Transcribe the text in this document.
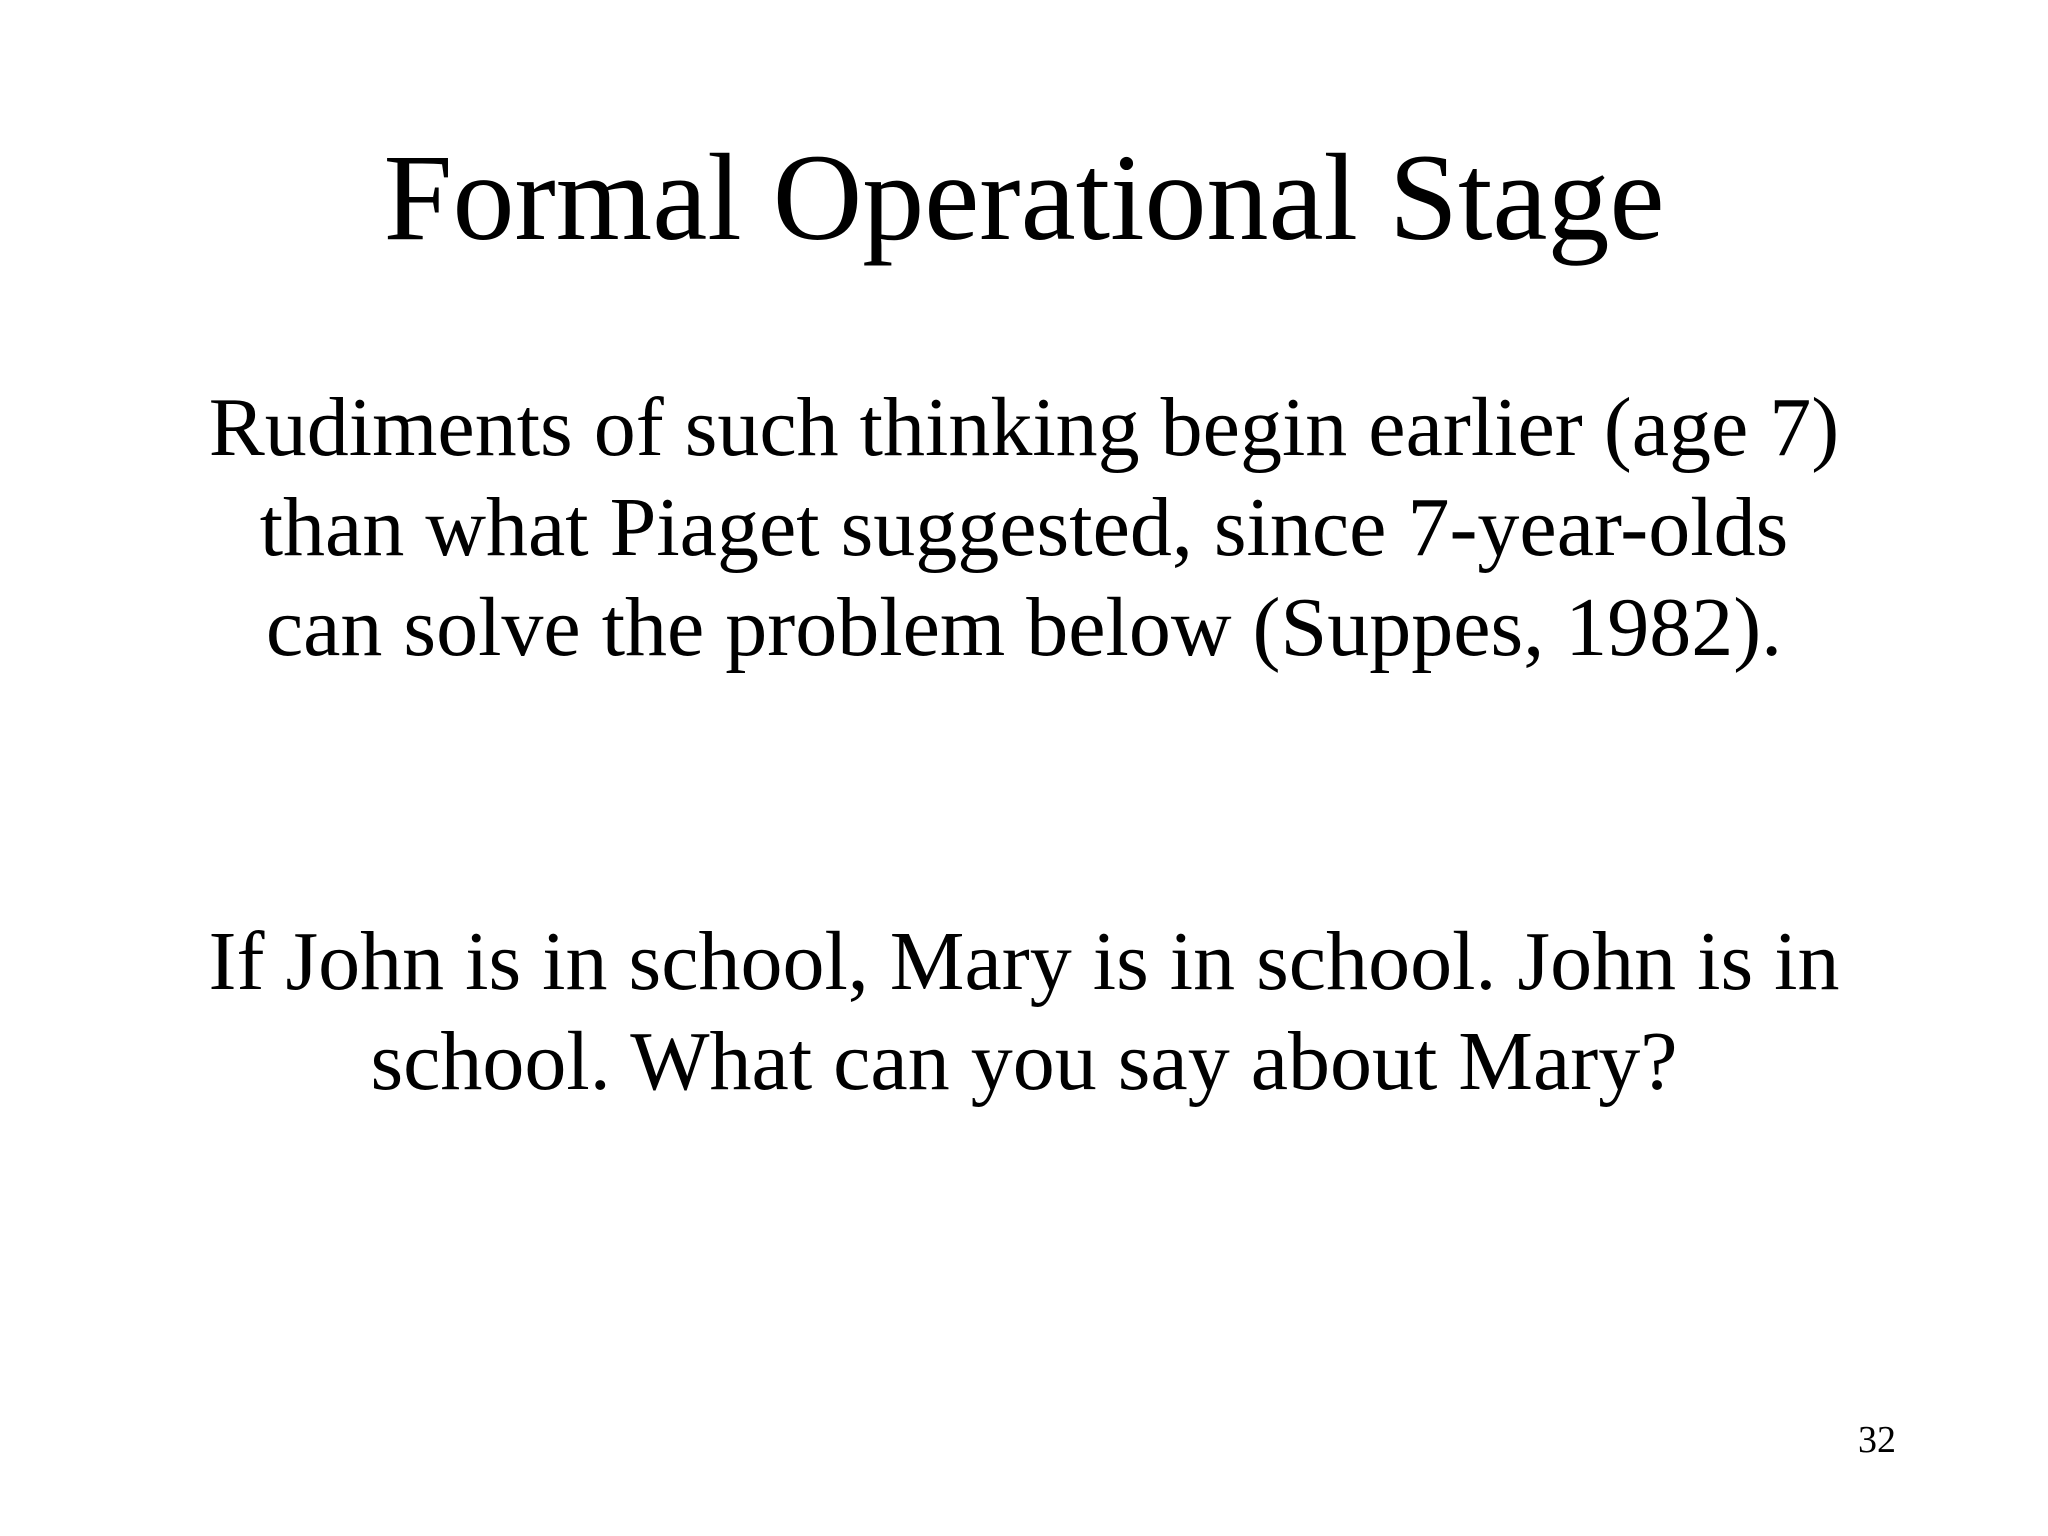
Formal Operational Stage
Rudiments of such thinking begin earlier (age 7)
than what Piaget suggested, since 7-year-olds
can solve the problem below (Suppes, 1982).
If John is in school, Mary is in school. John is in
school. What can you say about Mary?
32
